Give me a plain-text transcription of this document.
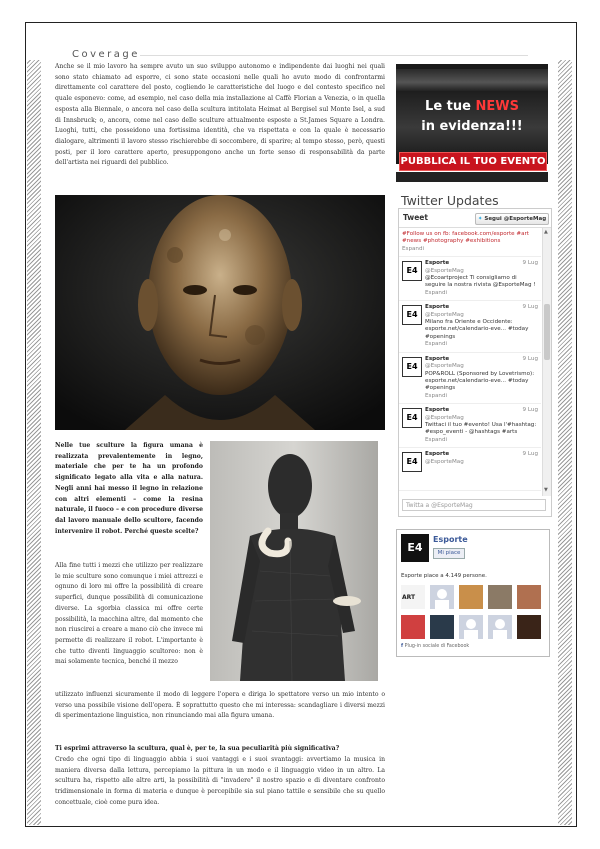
Coverage

Anche se il mio lavoro ha sempre avuto un suo sviluppo autonomo e indipendente dai luoghi nei quali sono stato chiamato ad esporre, ci sono state occasioni nelle quali ho avuto modo di confrontarmi direttamente col carattere del posto, cogliendo le caratteristiche del luogo e del contesto specifico nel quale esponevo: come, ad esempio, nel caso della mia installazione al Caffè Florian a Venezia, o in quella esposta alla Biennale, o ancora nel caso della scultura intitolata Heimat al Bergisel sul Monte Isel, a sud di Innsbruck; o, ancora, come nel caso delle sculture attualmente esposte a St.James Square a Londra. Luoghi, tutti, che posseidono una fortissima identità, che va rispettata e con la quale è necessario dialogare, altrimenti il lavoro stesso rischierebbe di soccombere, di sparire; al tempo stesso, però, questi posti, per il loro carattere aperto, presuppongono anche un forte senso di responsabilità da parte dell'artista nei riguardi del pubblico.

Nelle tue sculture la figura umana è realizzata prevalentemente in legno, materiale che per te ha un profondo significato legato alla vita e alla natura. Negli anni hai messo il legno in relazione con altri elementi – come la resina naturale, il fuoco – e con procedure diverse dal lavoro manuale dello scultore, facendo intervenire il robot. Perché queste scelte?

Alla fine tutti i mezzi che utilizzo per realizzare le mie sculture sono comunque i miei attrezzi e ognuno di loro mi offre la possibilità di creare superfici, dunque possibilità di comunicazione diverse. La sgorbia classica mi offre certe possibilità, la macchina altre, dal momento che non riuscirei a creare a mano ciò che invece mi permette di realizzare il robot. L'importante è che tutto diventi linguaggio scultoreo: non è mai solamente tecnica, benché il mezzo

utilizzato influenzi sicuramente il modo di leggere l'opera e diriga lo spettatore verso un mio intento o verso una possibile visione dell'opera. È soprattutto questo che mi interessa: scandagliare i diversi mezzi di sperimentazione linguistica, non rinunciando mai alla figura umana.

Ti esprimi attraverso la scultura, qual è, per te, la sua peculiarità più significativa?

Credo che ogni tipo di linguaggio abbia i suoi vantaggi e i suoi svantaggi: avvertiamo la musica in maniera diversa dalla lettura, percepiamo la pittura in un modo e il linguaggio video in un altro. La scultura ha, rispetto alle altre arti, la possibilità di "invadere" il nostro spazio e di diventare confronto tridimensionale in forma di materia e dunque è percepibile sia sul piano tattile e sensibile che su quello concettuale, cioè come pura idea.

Le tue NEWS
in evidenza!!!
PUBBLICA IL TUO EVENTO
Twitter Updates
Tweet	✦ Segui @EsporteMag
#Follow us on fb: facebook.com/esporte #art #news #photography #exhibitions
Espandi
E4
Esporte	9 Lug

@EsporteMag
@Ecoartproject Ti consigliamo di seguire la nostra rivista @EsporteMag !
Espandi
E4
Esporte	9 Lug

@EsporteMag
Milano fra Oriente e Occidente: esporte.net/calendario-eve... #today #openings
Espandi
E4
Esporte	9 Lug

@EsporteMag
POP&ROLL (Sponsored by Lovetrismo): esporte.net/calendario-eve... #today #openings
Espandi
E4
Esporte	9 Lug

@EsporteMag
Twittaci il tuo #evento! Usa l'#hashtag: #espo_eventi - @hashtags #arts
Espandi
E4
Esporte	9 Lug

@EsporteMag
▲
▼
Twitta a @EsporteMag
E4
Esporte
Mi piace
Esporte piace a 4.149 persone.
ART
f Plug-in sociale di Facebook
